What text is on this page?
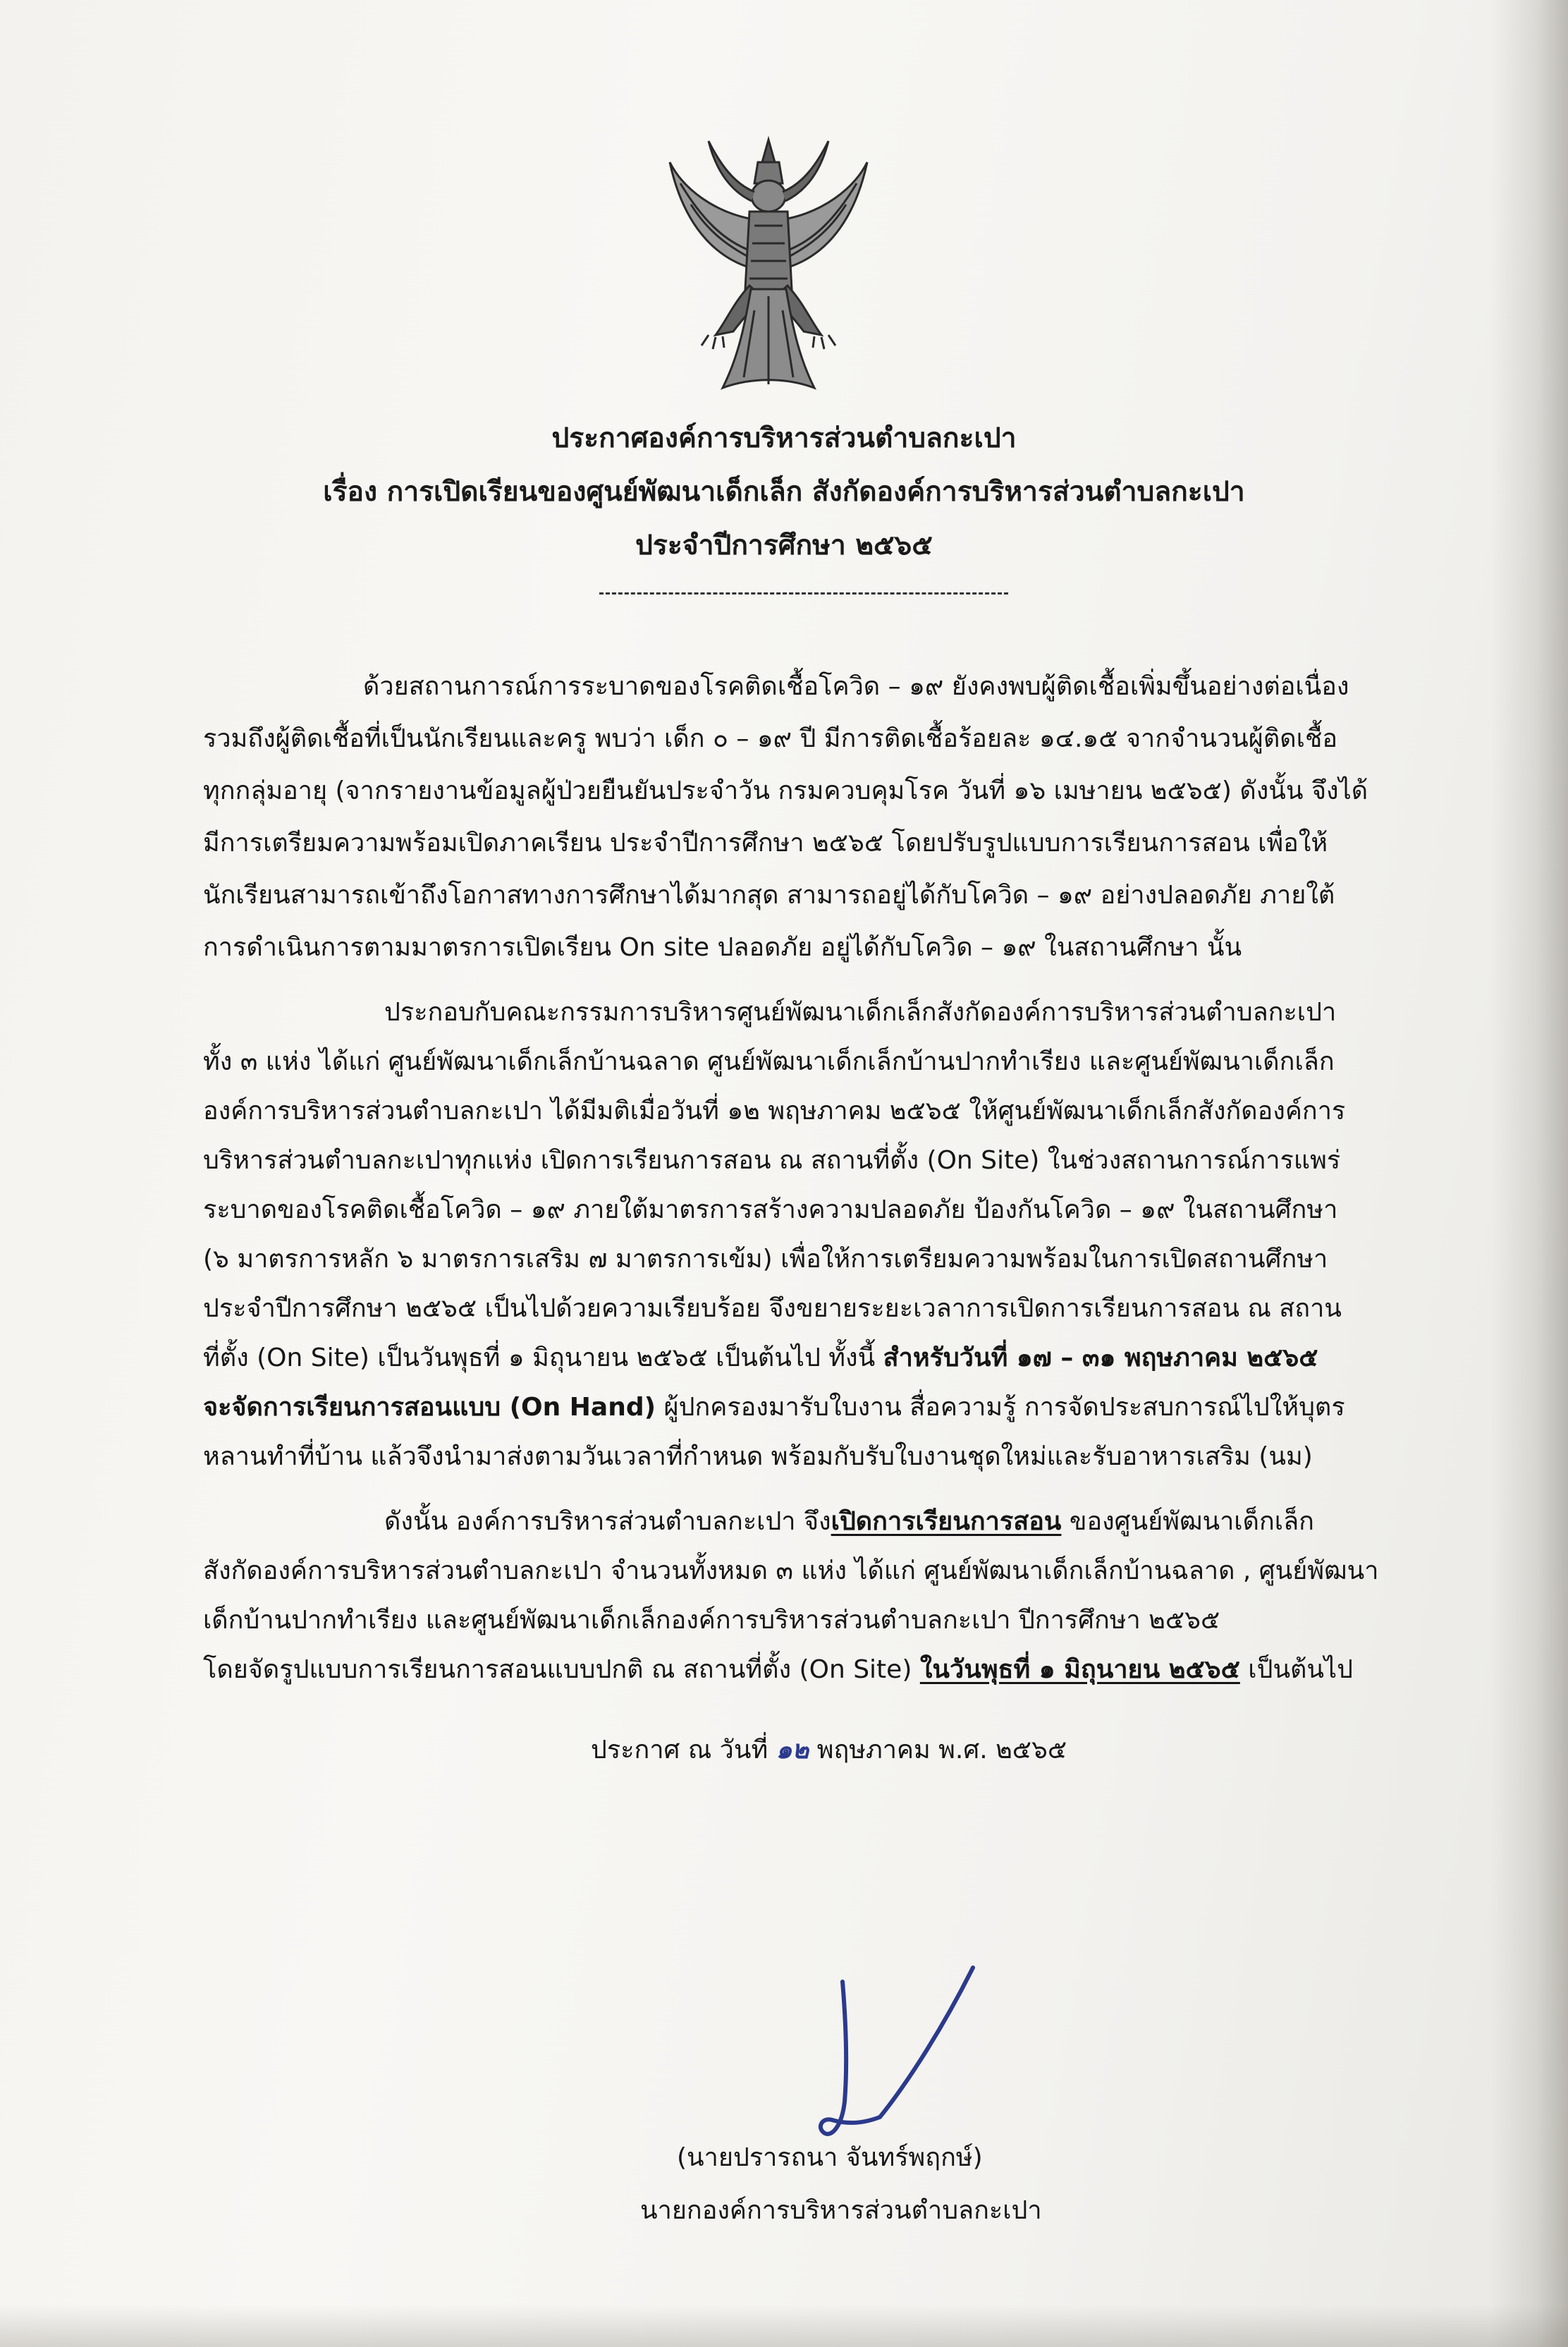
ประกาศองค์การบริหารส่วนตำบลกะเปา
เรื่อง การเปิดเรียนของศูนย์พัฒนาเด็กเล็ก สังกัดองค์การบริหารส่วนตำบลกะเปา
ประจำปีการศึกษา ๒๕๖๕
ด้วยสถานการณ์การระบาดของโรคติดเชื้อโควิด – ๑๙ ยังคงพบผู้ติดเชื้อเพิ่มขึ้นอย่างต่อเนื่อง
รวมถึงผู้ติดเชื้อที่เป็นนักเรียนและครู พบว่า เด็ก ๐ – ๑๙ ปี มีการติดเชื้อร้อยละ ๑๔.๑๕ จากจำนวนผู้ติดเชื้อ
ทุกกลุ่มอายุ (จากรายงานข้อมูลผู้ป่วยยืนยันประจำวัน กรมควบคุมโรค วันที่ ๑๖ เมษายน ๒๕๖๕) ดังนั้น จึงได้
มีการเตรียมความพร้อมเปิดภาคเรียน ประจำปีการศึกษา ๒๕๖๕ โดยปรับรูปแบบการเรียนการสอน เพื่อให้
นักเรียนสามารถเข้าถึงโอกาสทางการศึกษาได้มากสุด สามารถอยู่ได้กับโควิด – ๑๙ อย่างปลอดภัย ภายใต้
การดำเนินการตามมาตรการเปิดเรียน On site ปลอดภัย อยู่ได้กับโควิด – ๑๙ ในสถานศึกษา นั้น
ประกอบกับคณะกรรมการบริหารศูนย์พัฒนาเด็กเล็กสังกัดองค์การบริหารส่วนตำบลกะเปา
ทั้ง ๓ แห่ง ได้แก่ ศูนย์พัฒนาเด็กเล็กบ้านฉลาด ศูนย์พัฒนาเด็กเล็กบ้านปากทำเรียง และศูนย์พัฒนาเด็กเล็ก
องค์การบริหารส่วนตำบลกะเปา ได้มีมติเมื่อวันที่ ๑๒ พฤษภาคม ๒๕๖๕ ให้ศูนย์พัฒนาเด็กเล็กสังกัดองค์การ
บริหารส่วนตำบลกะเปาทุกแห่ง เปิดการเรียนการสอน ณ สถานที่ตั้ง (On Site) ในช่วงสถานการณ์การแพร่
ระบาดของโรคติดเชื้อโควิด – ๑๙ ภายใต้มาตรการสร้างความปลอดภัย ป้องกันโควิด – ๑๙ ในสถานศึกษา
(๖ มาตรการหลัก ๖ มาตรการเสริม ๗ มาตรการเข้ม) เพื่อให้การเตรียมความพร้อมในการเปิดสถานศึกษา
ประจำปีการศึกษา ๒๕๖๕ เป็นไปด้วยความเรียบร้อย จึงขยายระยะเวลาการเปิดการเรียนการสอน ณ สถาน
ที่ตั้ง (On Site) เป็นวันพุธที่ ๑ มิถุนายน ๒๕๖๕ เป็นต้นไป ทั้งนี้ สำหรับวันที่ ๑๗ – ๓๑ พฤษภาคม ๒๕๖๕
จะจัดการเรียนการสอนแบบ (On Hand) ผู้ปกครองมารับใบงาน สื่อความรู้ การจัดประสบการณ์ไปให้บุตร
หลานทำที่บ้าน แล้วจึงนำมาส่งตามวันเวลาที่กำหนด พร้อมกับรับใบงานชุดใหม่และรับอาหารเสริม (นม)
ดังนั้น องค์การบริหารส่วนตำบลกะเปา จึงเปิดการเรียนการสอน ของศูนย์พัฒนาเด็กเล็ก
สังกัดองค์การบริหารส่วนตำบลกะเปา จำนวนทั้งหมด ๓ แห่ง ได้แก่ ศูนย์พัฒนาเด็กเล็กบ้านฉลาด , ศูนย์พัฒนา
เด็กบ้านปากทำเรียง และศูนย์พัฒนาเด็กเล็กองค์การบริหารส่วนตำบลกะเปา ปีการศึกษา ๒๕๖๕
โดยจัดรูปแบบการเรียนการสอนแบบปกติ ณ สถานที่ตั้ง (On Site) ในวันพุธที่ ๑ มิถุนายน ๒๕๖๕ เป็นต้นไป
ประกาศ ณ วันที่ ๑๒ พฤษภาคม พ.ศ. ๒๕๖๕
(นายปรารถนา จันทร์พฤกษ์)
นายกองค์การบริหารส่วนตำบลกะเปา
